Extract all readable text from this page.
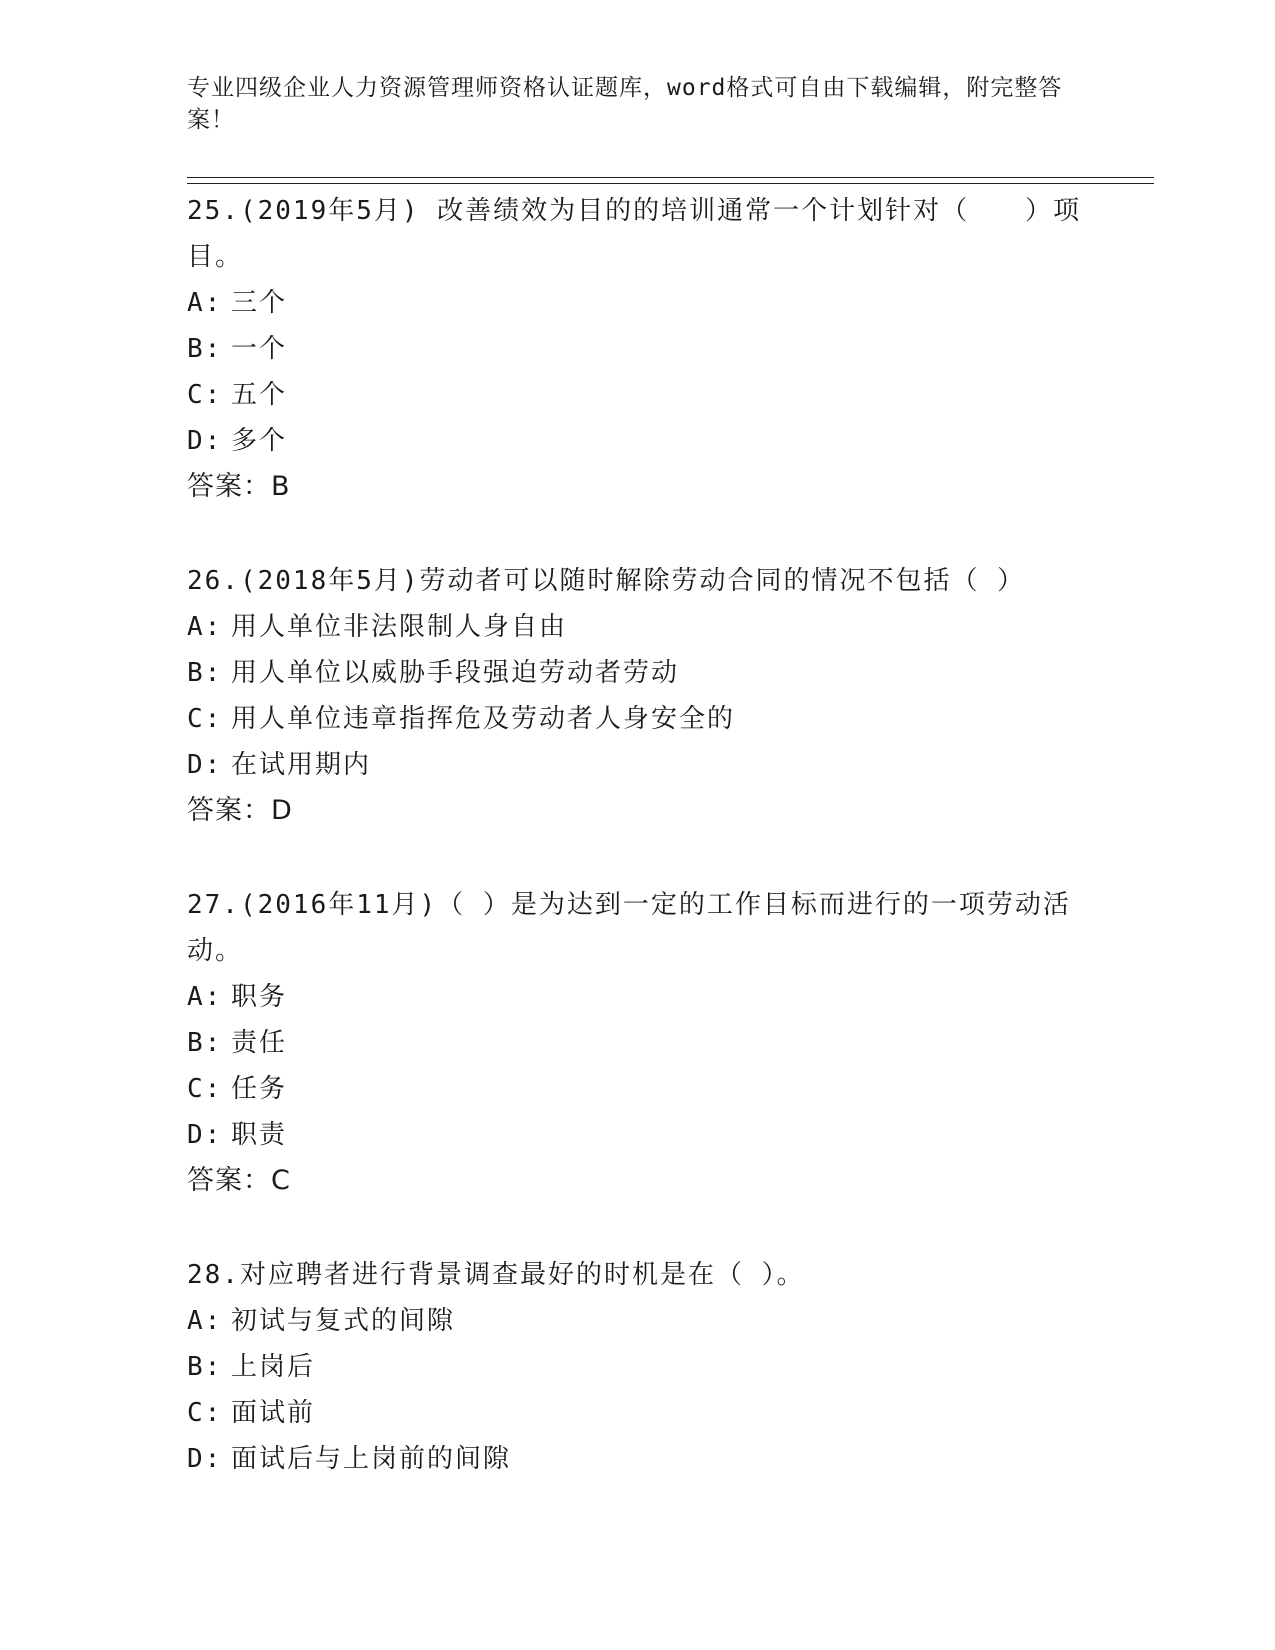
专业四级企业人力资源管理师资格认证题库，word格式可自由下载编辑，附完整答案！

25.(2019年5月) 改善绩效为目的的培训通常一个计划针对（　　）项目。

A: 三个
B: 一个
C: 五个
D: 多个
答案：B

26.(2018年5月)劳动者可以随时解除劳动合同的情况不包括（ ）

A: 用人单位非法限制人身自由
B: 用人单位以威胁手段强迫劳动者劳动
C: 用人单位违章指挥危及劳动者人身安全的
D: 在试用期内
答案：D

27.(2016年11月)（ ）是为达到一定的工作目标而进行的一项劳动活动。

A: 职务
B: 责任
C: 任务
D: 职责
答案：C

28.对应聘者进行背景调查最好的时机是在（ ）。

A: 初试与复式的间隙
B: 上岗后
C: 面试前
D: 面试后与上岗前的间隙
